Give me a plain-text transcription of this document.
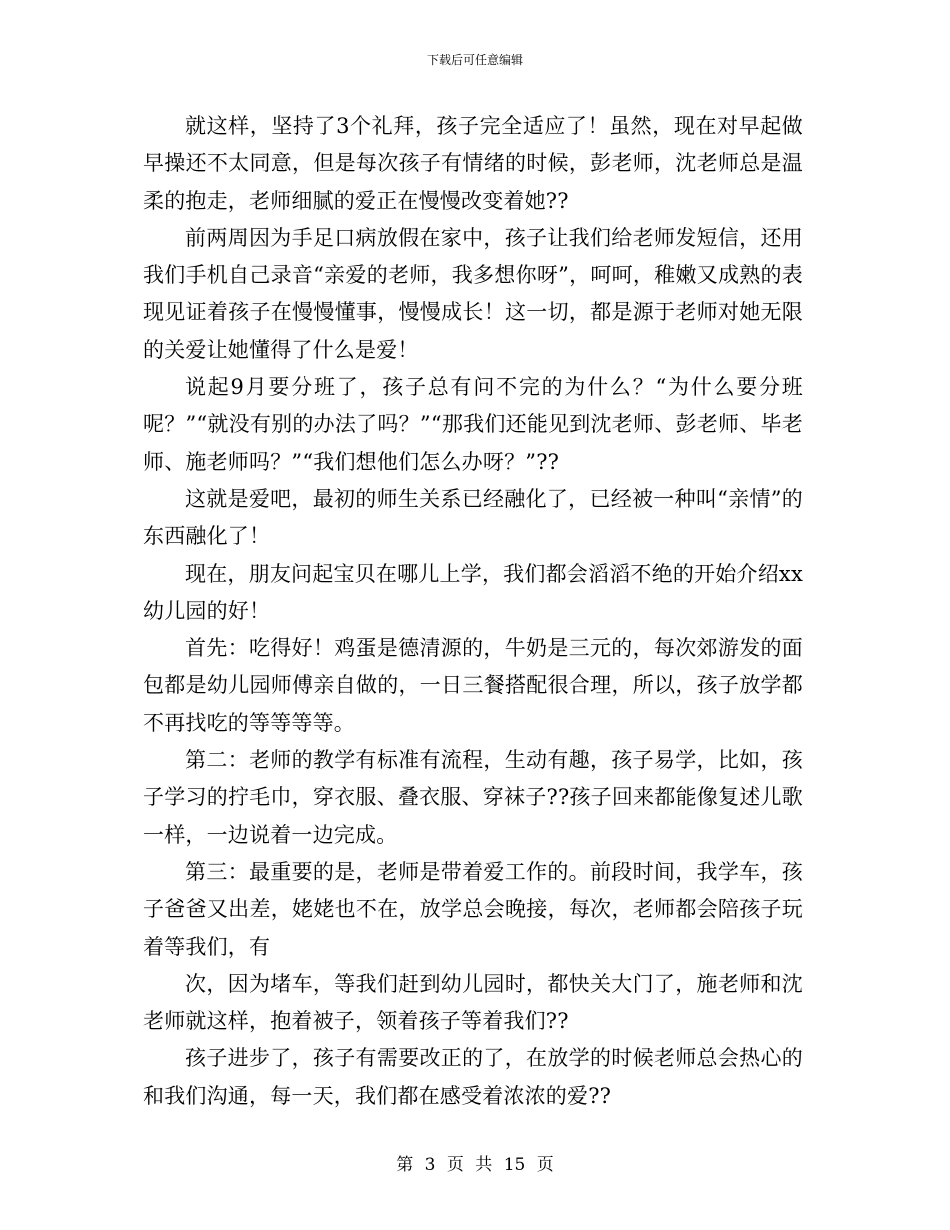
下载后可任意编辑

就这样，坚持了3个礼拜，孩子完全适应了！虽然，现在对早起做早操还不太同意，但是每次孩子有情绪的时候，彭老师，沈老师总是温柔的抱走，老师细腻的爱正在慢慢改变着她??

前两周因为手足口病放假在家中，孩子让我们给老师发短信，还用我们手机自己录音“亲爱的老师，我多想你呀”，呵呵，稚嫩又成熟的表现见证着孩子在慢慢懂事，慢慢成长！这一切，都是源于老师对她无限的关爱让她懂得了什么是爱！

说起9月要分班了，孩子总有问不完的为什么？“为什么要分班呢？”“就没有别的办法了吗？”“那我们还能见到沈老师、彭老师、毕老师、施老师吗？”“我们想他们怎么办呀？”??

这就是爱吧，最初的师生关系已经融化了，已经被一种叫“亲情”的东西融化了！

现在，朋友问起宝贝在哪儿上学，我们都会滔滔不绝的开始介绍xx幼儿园的好！

首先：吃得好！鸡蛋是德清源的，牛奶是三元的，每次郊游发的面包都是幼儿园师傅亲自做的，一日三餐搭配很合理，所以，孩子放学都不再找吃的等等等等。

第二：老师的教学有标准有流程，生动有趣，孩子易学，比如，孩子学习的拧毛巾，穿衣服、叠衣服、穿袜子??孩子回来都能像复述儿歌一样，一边说着一边完成。

第三：最重要的是，老师是带着爱工作的。前段时间，我学车，孩子爸爸又出差，姥姥也不在，放学总会晚接，每次，老师都会陪孩子玩着等我们，有

次，因为堵车，等我们赶到幼儿园时，都快关大门了，施老师和沈老师就这样，抱着被子，领着孩子等着我们??

孩子进步了，孩子有需要改正的了，在放学的时候老师总会热心的和我们沟通，每一天，我们都在感受着浓浓的爱??

第 3 页 共 15 页
